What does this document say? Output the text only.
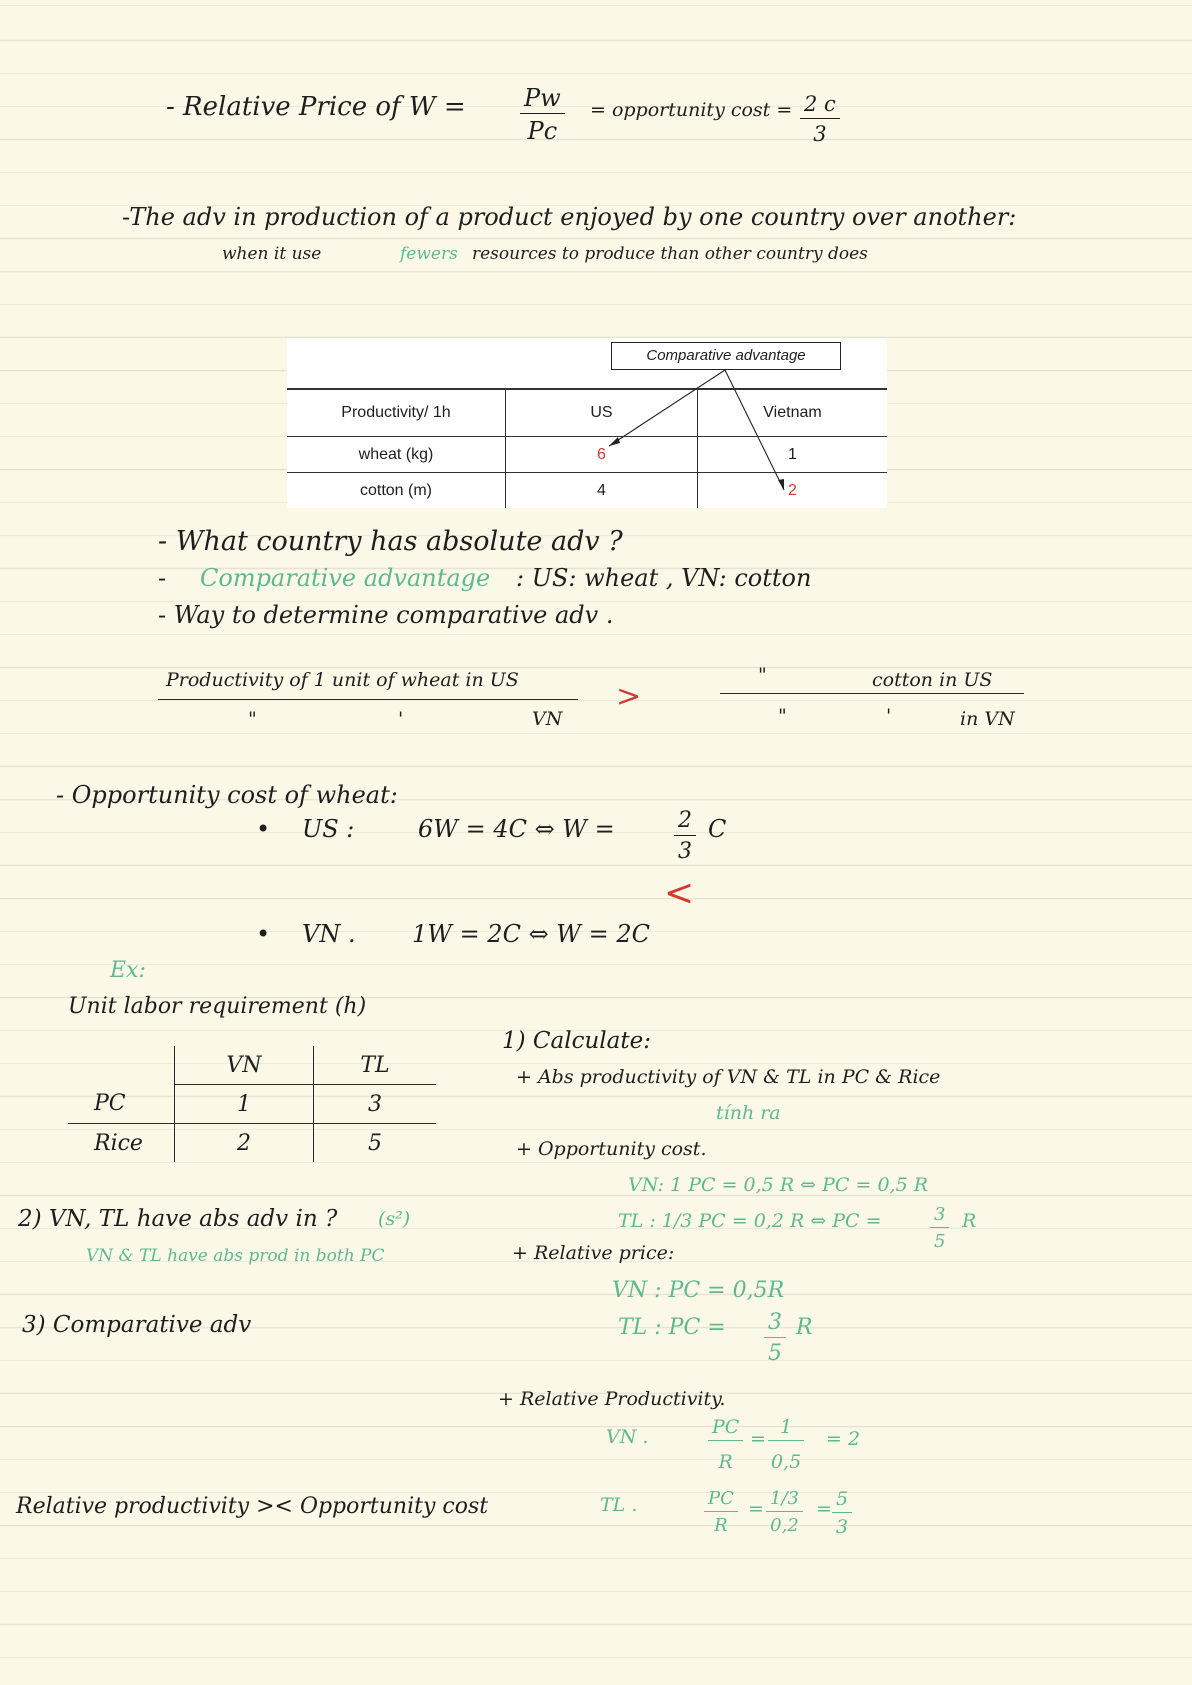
- Relative Price of $W = \frac{Pw}{Pc}$ = opportunity $\cos t = \frac{2 c}{3}$
-The adv in production of a product enjoyed by one country over another:
when it use	fewers resources to produce than other country does
Comparative advantage
Productivity/ 1h	US	Vietnam
wheat (kg)	6	1
cotton (m)	4	2
- What country has absolute adv ?
- Comparative advantage : US: wheat , VN: cotton
- Way to determine comparative adv .
Productivity of 1 unit of wheat in US
"	'	VN
>
"	cotton in US
"	'	in VN
- Opportunity cost of wheat:
• US :	6W = 4C ⇔ W =	$\frac{2}{3}$ C
<
• VN . 1W = 2C ⇔ W = 2C
Ex:
Unit labor requirement (h)
	VN	TL
PC	1	3
Rice	2	5
2) VN, TL have abs adv in ? (s²)
VN & TL have abs prod in both PC
3) Comparative adv
1) Calculate:
+ Abs productivity of VN & TL in PC & Rice
tính ra
+ Opportunity cost.
VN: 1 PC = 0,5 R ⇔ PC = 0,5 R
TL : 1/3 PC = 0,2 R ⇔ PC =	$\frac{3}{5}$ R
+ Relative price:
VN : PC = 0,5R
TL : PC = $\frac{3}{5}$ R
+ Relative Productivity.
VN .	$\frac{PC}{R} = \frac{1}{0,5} = 2$
TL .	$\frac{PC}{R} = \frac{1/3}{0,2} = \frac{5}{3}$
Relative productivity >< Opportunity cost
